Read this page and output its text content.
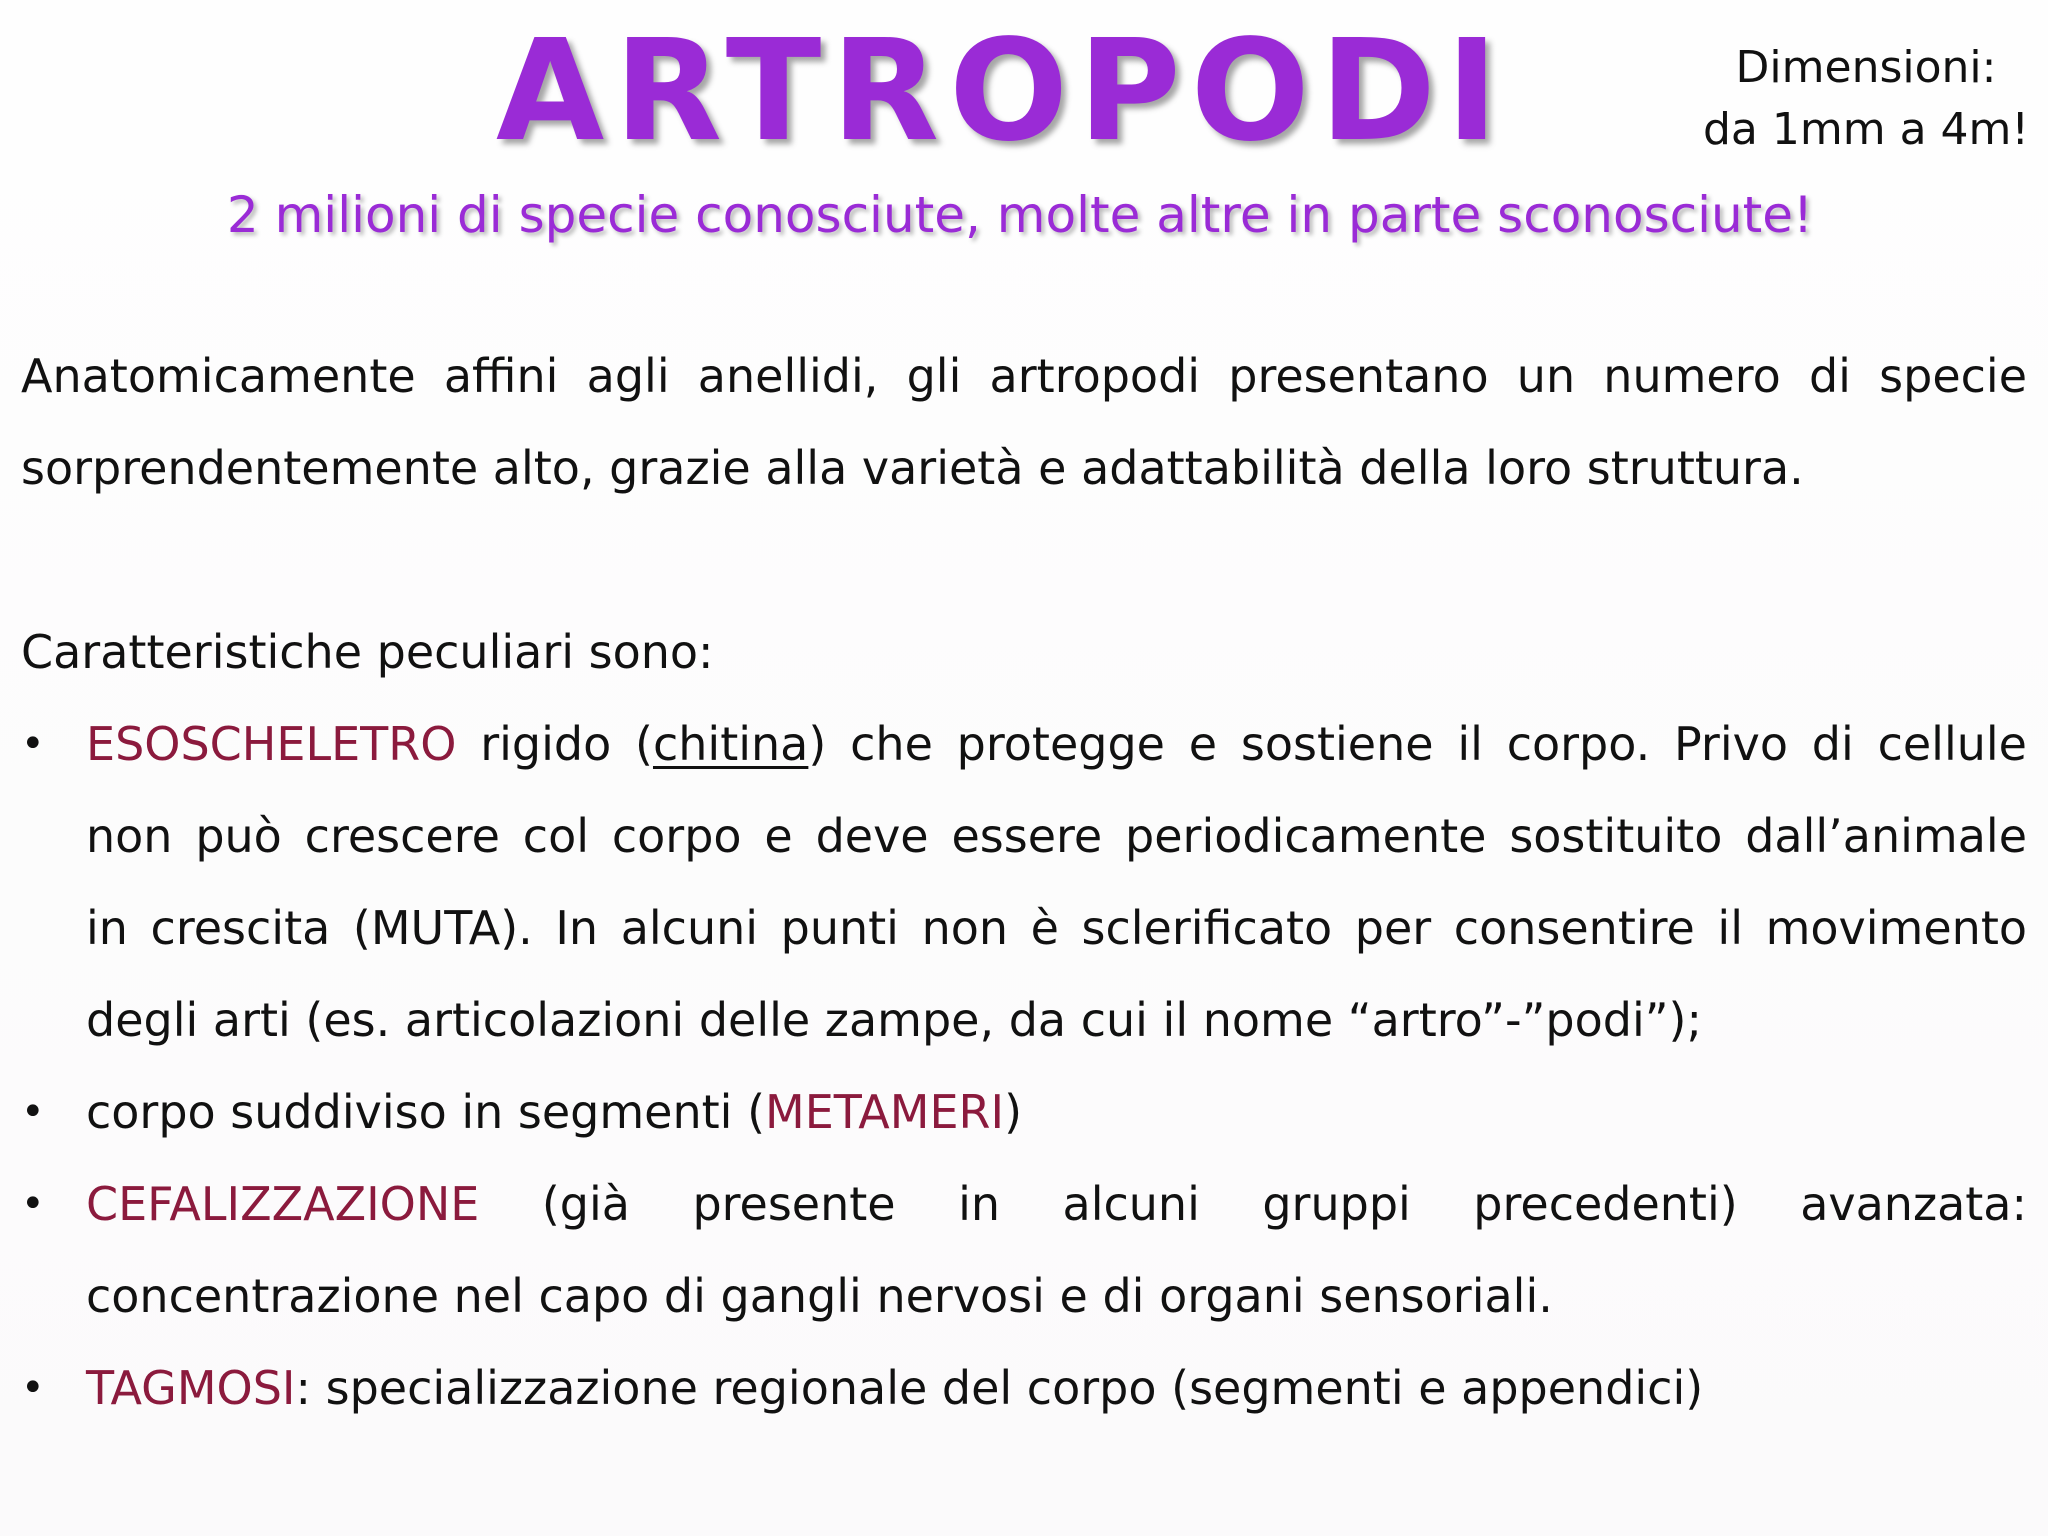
ARTROPODI	Dimensioni:
da 1mm a 4m!
2 milioni di specie conosciute, molte altre in parte sconosciute!
Anatomicamente affini agli anellidi, gli artropodi presentano un numero di specie
sorprendentemente alto, grazie alla varietà e adattabilità della loro struttura.
Caratteristiche peculiari sono:
• ESOSCHELETRO rigido (chitina) che protegge e sostiene il corpo. Privo di cellule
non può crescere col corpo e deve essere periodicamente sostituito dall’animale
in crescita (MUTA). In alcuni punti non è sclerificato per consentire il movimento
degli arti (es. articolazioni delle zampe, da cui il nome “artro”-”podi”);
• corpo suddiviso in segmenti (METAMERI)
• CEFALIZZAZIONE (già presente in alcuni gruppi precedenti) avanzata:
concentrazione nel capo di gangli nervosi e di organi sensoriali.
• TAGMOSI: specializzazione regionale del corpo (segmenti e appendici)
